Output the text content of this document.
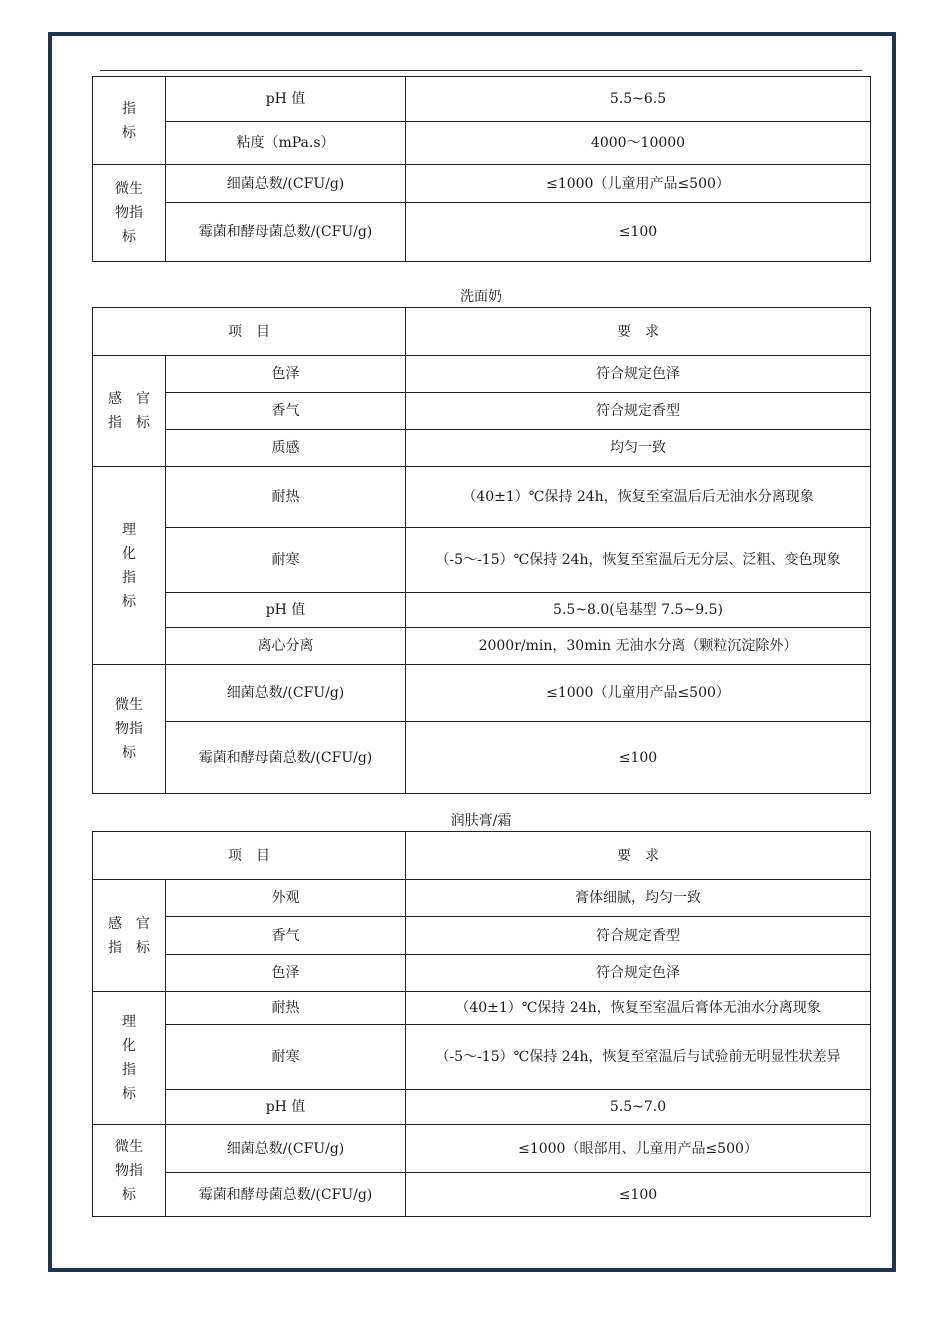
指
标	pH 值	5.5~6.5
	粘度（mPa.s）	4000～10000
微生
物指
标	细菌总数/(CFU/g)	≤1000（儿童用产品≤500）
	霉菌和酵母菌总数/(CFU/g)	≤100
洗面奶
项　目		要　求
感　官
指　标	色泽	符合规定色泽
	香气	符合规定香型
	质感	均匀一致
理
化
指
标	耐热	（40±1）℃保持 24h，恢复至室温后后无油水分离现象
	耐寒	（-5～-15）℃保持 24h，恢复至室温后无分层、泛粗、变色现象
	pH 值	5.5~8.0(皂基型 7.5~9.5)
	离心分离	2000r/min，30min 无油水分离（颗粒沉淀除外）
微生
物指
标	细菌总数/(CFU/g)	≤1000（儿童用产品≤500）
	霉菌和酵母菌总数/(CFU/g)	≤100
润肤膏/霜
项　目		要　求
感　官
指　标	外观	膏体细腻，均匀一致
	香气	符合规定香型
	色泽	符合规定色泽
理
化
指
标	耐热	（40±1）℃保持 24h，恢复至室温后膏体无油水分离现象
	耐寒	（-5～-15）℃保持 24h，恢复至室温后与试验前无明显性状差异
	pH 值	5.5~7.0
微生
物指
标	细菌总数/(CFU/g)	≤1000（眼部用、儿童用产品≤500）
	霉菌和酵母菌总数/(CFU/g)	≤100
